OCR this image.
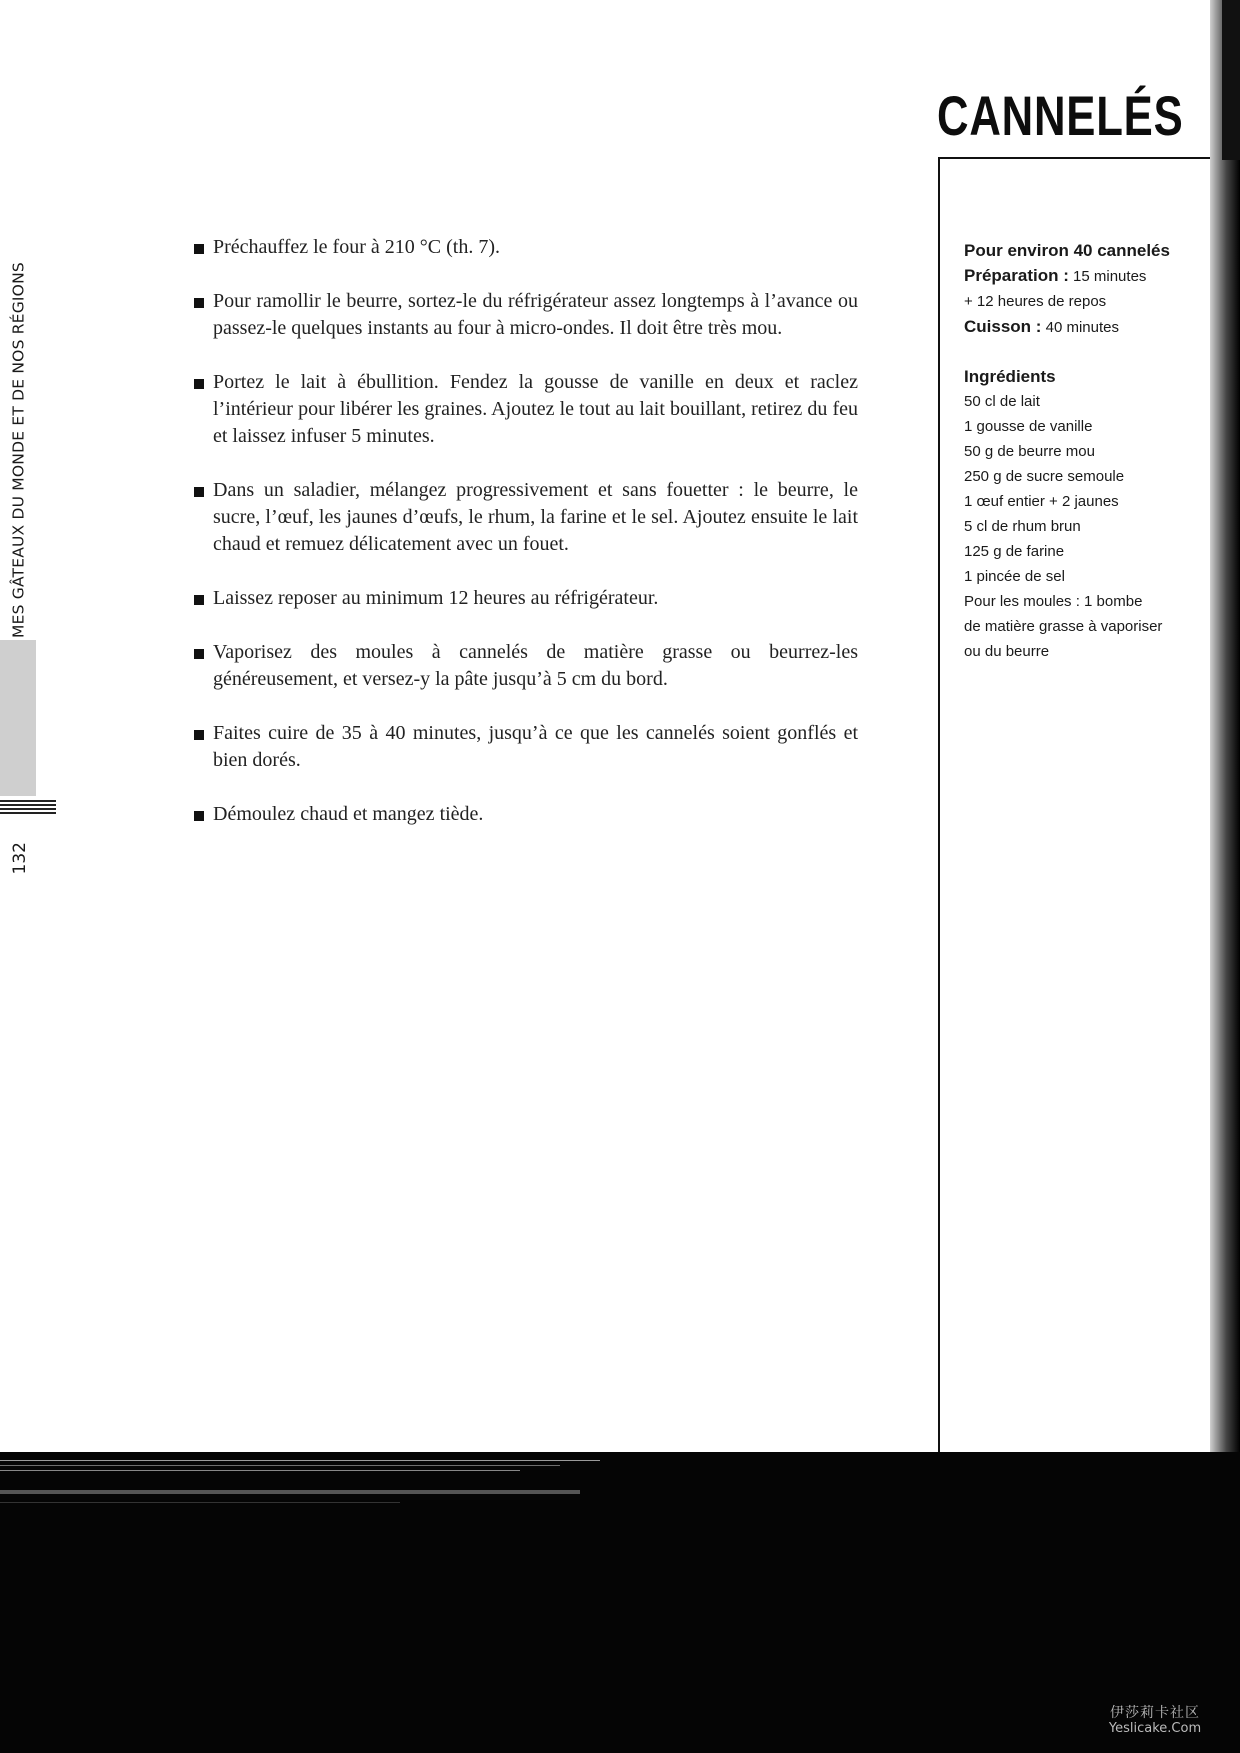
MES GÂTEAUX DU MONDE ET DE NOS RÉGIONS
132
Préchauffez le four à 210 °C (th. 7).
Pour ramollir le beurre, sortez-le du réfrigérateur assez longtemps à l’avance ou passez-le quelques instants au four à micro-ondes. Il doit être très mou.
Portez le lait à ébullition. Fendez la gousse de vanille en deux et raclez l’intérieur pour libérer les graines. Ajoutez le tout au lait bouillant, retirez du feu et laissez infuser 5 minutes.
Dans un saladier, mélangez progressivement et sans fouetter : le beurre, le sucre, l’œuf, les jaunes d’œufs, le rhum, la farine et le sel. Ajoutez ensuite le lait chaud et remuez délicatement avec un fouet.
Laissez reposer au minimum 12 heures au réfrigérateur.
Vaporisez des moules à cannelés de matière grasse ou beurrez-les généreusement, et versez-y la pâte jusqu’à 5 cm du bord.
Faites cuire de 35 à 40 minutes, jusqu’à ce que les cannelés soient gonflés et bien dorés.
Démoulez chaud et mangez tiède.
CANNELÉS
Pour environ 40 cannelés
Préparation : 15 minutes
+ 12 heures de repos
Cuisson : 40 minutes
Ingrédients
50 cl de lait
1 gousse de vanille
50 g de beurre mou
250 g de sucre semoule
1 œuf entier + 2 jaunes
5 cl de rhum brun
125 g de farine
1 pincée de sel
Pour les moules : 1 bombe
de matière grasse à vaporiser
ou du beurre
伊莎莉卡社区
Yeslicake.Com
